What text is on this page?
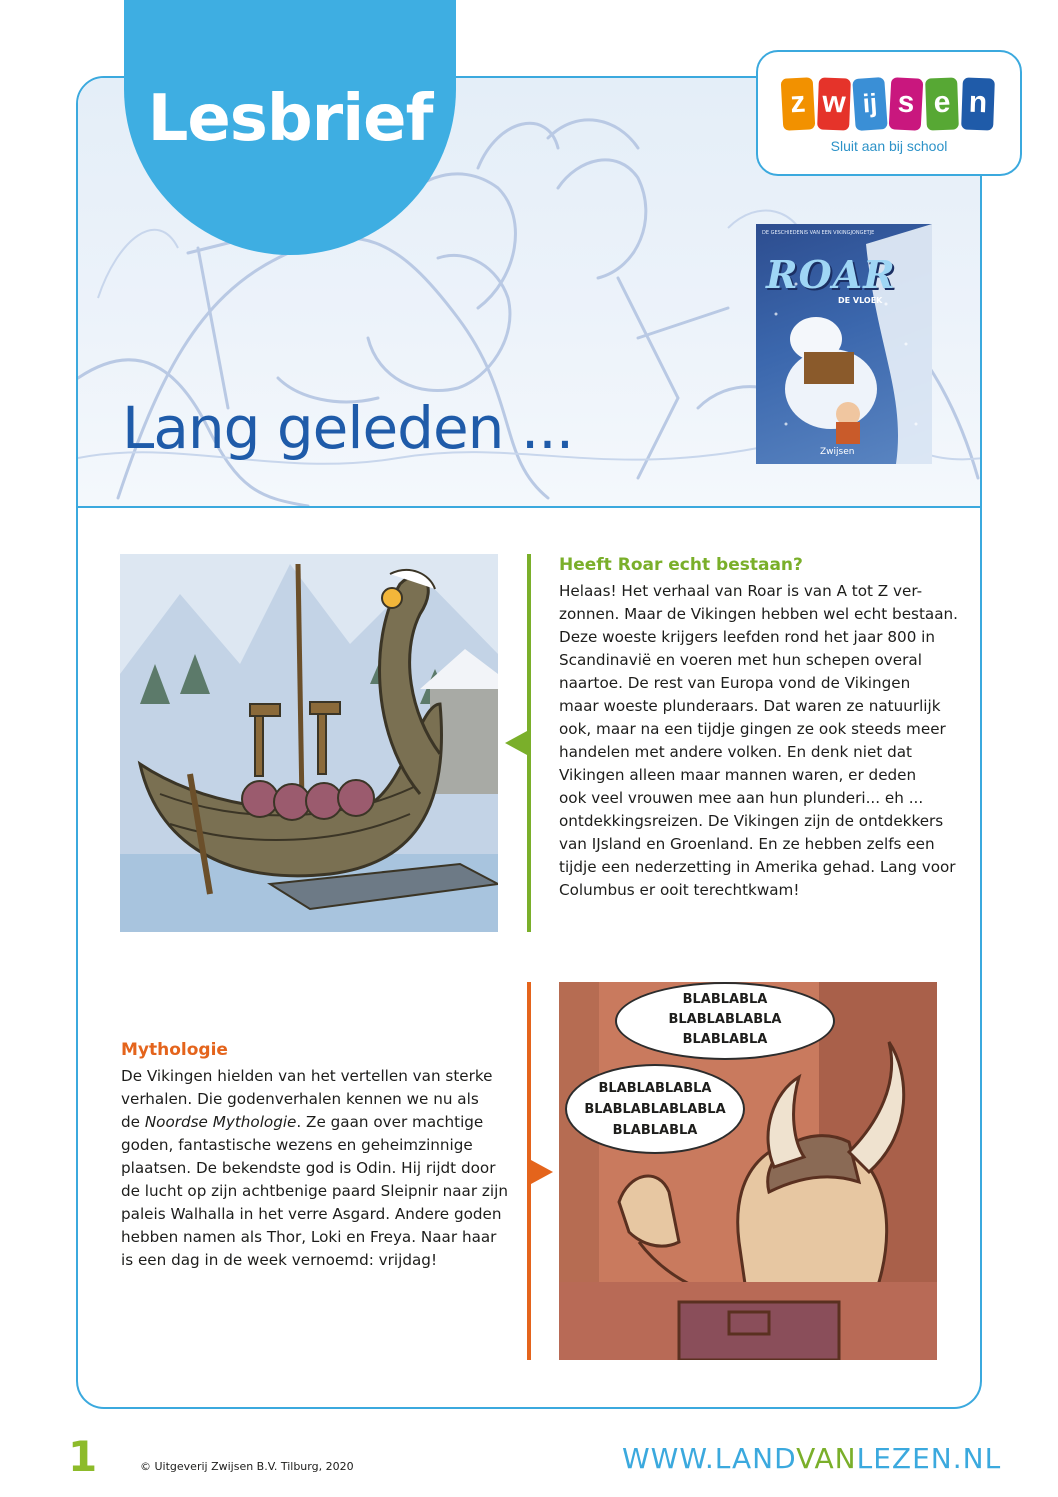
Lesbrief	z w ij s e n
Sluit aan bij school
DE GESCHIEDENIS VAN EEN VIKINGJONGETJE
ROAR
DE VLOEK
Zwijsen
Lang geleden ...
Heeft Roar echt bestaan?

Helaas! Het verhaal van Roar is van A tot Z ver-

zonnen. Maar de Vikingen hebben wel echt bestaan.

Deze woeste krijgers leefden rond het jaar 800 in

Scandinavië en voeren met hun schepen overal

naartoe. De rest van Europa vond de Vikingen

maar woeste plunderaars. Dat waren ze natuurlijk

ook, maar na een tijdje gingen ze ook steeds meer

handelen met andere volken. En denk niet dat

Vikingen alleen maar mannen waren, er deden

ook veel vrouwen mee aan hun plunderi... eh ...

ontdekkingsreizen. De Vikingen zijn de ontdekkers

van IJsland en Groenland. En ze hebben zelfs een

tijdje een nederzetting in Amerika gehad. Lang voor

Columbus er ooit terechtkwam!

Mythologie

De Vikingen hielden van het vertellen van sterke

verhalen. Die godenverhalen kennen we nu als

de Noordse Mythologie. Ze gaan over machtige

goden, fantastische wezens en geheimzinnige

plaatsen. De bekendste god is Odin. Hij rijdt door

de lucht op zijn achtbenige paard Sleipnir naar zijn

paleis Walhalla in het verre Asgard. Andere goden

hebben namen als Thor, Loki en Freya. Naar haar

is een dag in de week vernoemd: vrijdag!

BLABLABLA
BLABLABLABLA
BLABLABLA
BLABLABLABLA
BLABLABLABLABLA
BLABLABLA
1	© Uitgeverij Zwijsen B.V. Tilburg, 2020	WWW.LANDVANLEZEN.NL
